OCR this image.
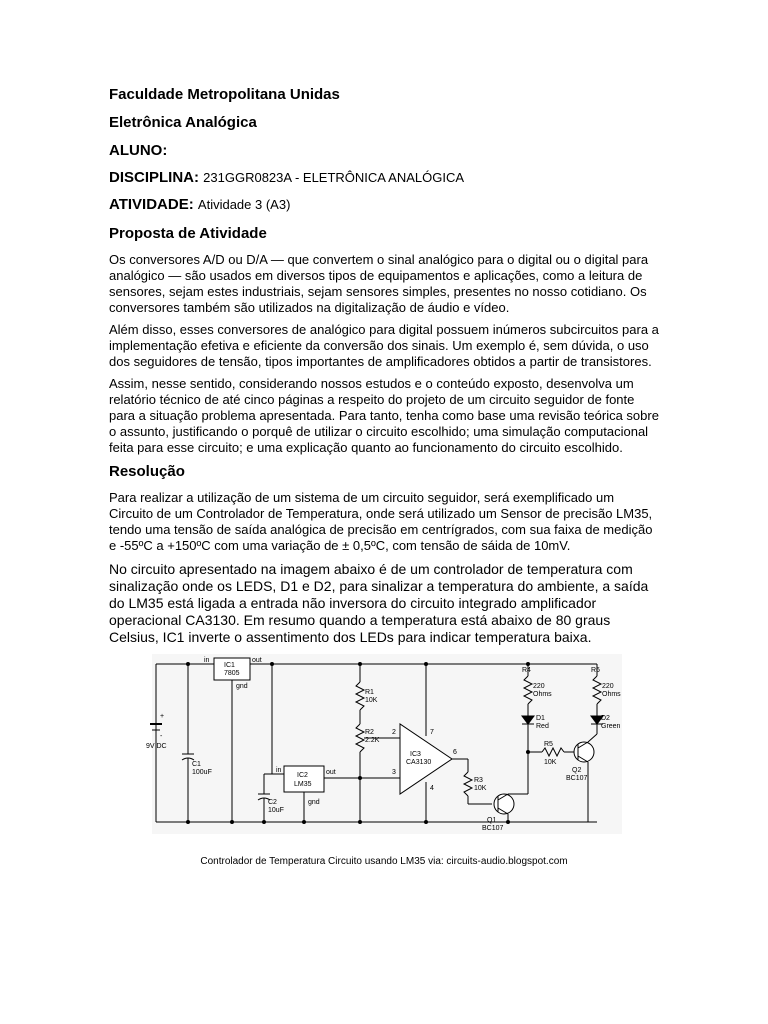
Faculdade Metropolitana Unidas
Eletrônica Analógica
ALUNO:
DISCIPLINA: 231GGR0823A - ELETRÔNICA ANALÓGICA
ATIVIDADE: Atividade 3 (A3)
Proposta de Atividade

Os conversores A/D ou D/A — que convertem o sinal analógico para o digital ou o digital para analógico — são usados em diversos tipos de equipamentos e aplicações, como a leitura de sensores, sejam estes industriais, sejam sensores simples, presentes no nosso cotidiano. Os conversores também são utilizados na digitalização de áudio e vídeo.

Além disso, esses conversores de analógico para digital possuem inúmeros subcircuitos para a implementação efetiva e eficiente da conversão dos sinais. Um exemplo é, sem dúvida, o uso dos seguidores de tensão, tipos importantes de amplificadores obtidos a partir de transistores.

Assim, nesse sentido, considerando nossos estudos e o conteúdo exposto, desenvolva um relatório técnico de até cinco páginas a respeito do projeto de um circuito seguidor de fonte para a situação problema apresentada. Para tanto, tenha como base uma revisão teórica sobre o assunto, justificando o porquê de utilizar o circuito escolhido; uma simulação computacional feita para esse circuito; e uma explicação quanto ao funcionamento do circuito escolhido.

Resolução

Para realizar a utilização de um sistema de um circuito seguidor, será exemplificado um Circuito de um Controlador de Temperatura, onde será utilizado um Sensor de precisão LM35, tendo uma tensão de saída analógica de precisão em centrígrados, com sua faixa de medição e -55ºC a +150ºC com uma variação de ± 0,5ºC, com tensão de sáida de 10mV.

No circuito apresentado na imagem abaixo é de um controlador de temperatura com sinalização onde os LEDS, D1 e D2, para sinalizar a temperatura do ambiente, a saída do LM35 está ligada a entrada não inversora do circuito integrado amplificador operacional CA3130. Em resumo quando a temperatura está abaixo de 80 graus Celsius, IC1 inverte o assentimento dos LEDs para indicar temperatura baixa.

in	out
IC1
7805
gnd
+
-
9V DC
C1
100uF	in	out
IC2
LM35
gnd
C2
10uF
R1
10K
R2
2.2K
2
3
7
4
6
IC3
CA3130
R3
10K
Q1
BC107
R4
220
Ohms
D1
Red
R5
10K
R6
220
Ohms
D2
Green
Q2
BC107
Controlador de Temperatura Circuito usando LM35 via: circuits-audio.blogspot.com
